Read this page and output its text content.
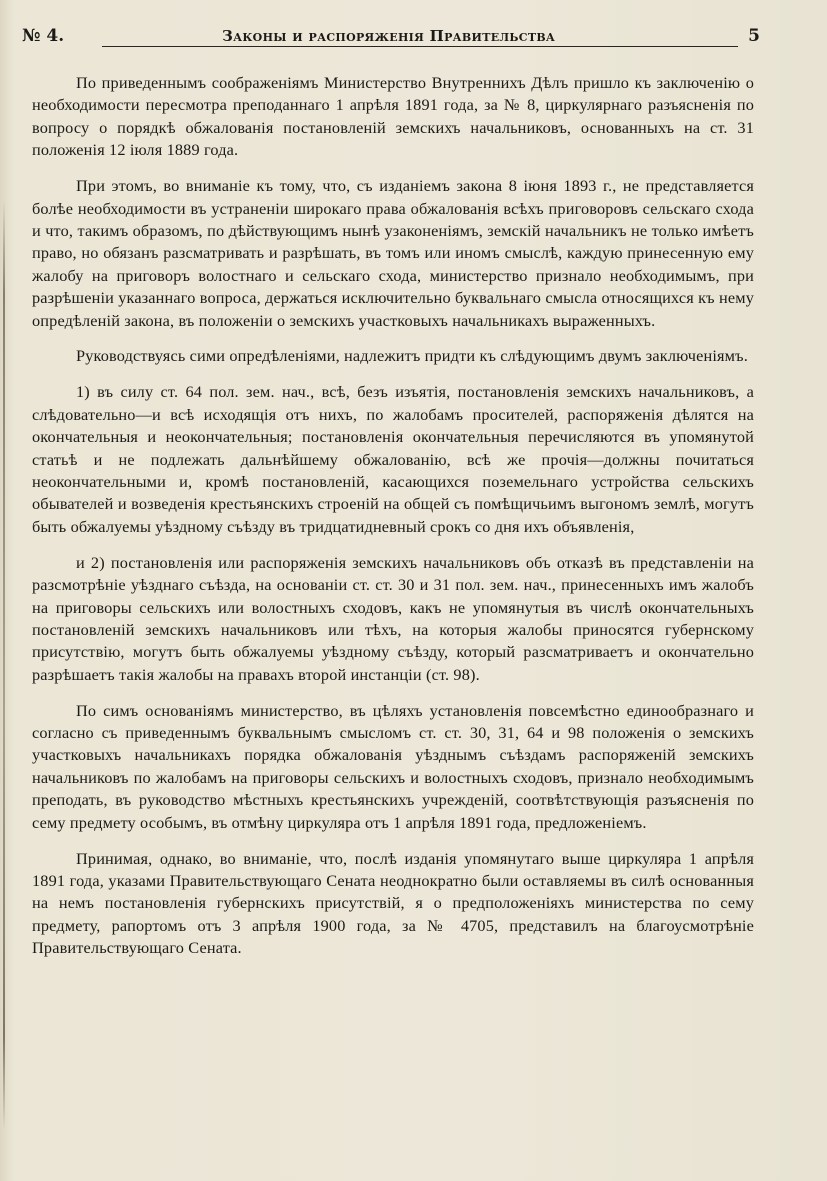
№ 4.	Законы и распоряженія Правительства	5

По приведеннымъ соображеніямъ Министерство Внутреннихъ Дѣлъ пришло къ заключенію о необходимости пересмотра преподаннаго 1 апрѣля 1891 года, за № 8, циркулярнаго разъясненія по вопросу о порядкѣ обжалованія постановленій земскихъ начальниковъ, основанныхъ на ст. 31 положенія 12 іюля 1889 года.

При этомъ, во вниманіе къ тому, что, съ изданіемъ закона 8 іюня 1893 г., не представляется болѣе необходимости въ устраненіи широкаго права обжалованія всѣхъ приговоровъ сельскаго схода и что, такимъ образомъ, по дѣйствующимъ нынѣ узаконеніямъ, земскій начальникъ не только имѣетъ право, но обязанъ разсматривать и разрѣшать, въ томъ или иномъ смыслѣ, каждую принесенную ему жалобу на приговоръ волостнаго и сельскаго схода, министерство признало необходимымъ, при разрѣшеніи указаннаго вопроса, держаться исключительно буквальнаго смысла относящихся къ нему опредѣленій закона, въ положеніи о земскихъ участковыхъ начальникахъ выраженныхъ.

Руководствуясь сими опредѣленіями, надлежитъ придти къ слѣдующимъ двумъ заключеніямъ.

1) въ силу ст. 64 пол. зем. нач., всѣ, безъ изъятія, постановленія земскихъ начальниковъ, а слѣдовательно—и всѣ исходящія отъ нихъ, по жалобамъ просителей, распоряженія дѣлятся на окончательныя и неокончательныя; постановленія окончательныя перечисляются въ упомянутой статьѣ и не подлежать дальнѣйшему обжалованію, всѣ же прочія—должны почитаться неокончательными и, кромѣ постановленій, касающихся поземельнаго устройства сельскихъ обывателей и возведенія крестьянскихъ строеній на общей съ помѣщичьимъ выгономъ землѣ, могутъ быть обжалуемы уѣздному съѣзду въ тридцатидневный срокъ со дня ихъ объявленія,

и 2) постановленія или распоряженія земскихъ начальниковъ объ отказѣ въ представленіи на разсмотрѣніе уѣзднаго съѣзда, на основаніи ст. ст. 30 и 31 пол. зем. нач., принесенныхъ имъ жалобъ на приговоры сельскихъ или волостныхъ сходовъ, какъ не упомянутыя въ числѣ окончательныхъ постановленій земскихъ начальниковъ или тѣхъ, на которыя жалобы приносятся губернскому присутствію, могутъ быть обжалуемы уѣздному съѣзду, который разсматриваетъ и окончательно разрѣшаетъ такія жалобы на правахъ второй инстанціи (ст. 98).

По симъ основаніямъ министерство, въ цѣляхъ установленія повсемѣстно единообразнаго и согласно съ приведеннымъ буквальнымъ смысломъ ст. ст. 30, 31, 64 и 98 положенія о земскихъ участковыхъ начальникахъ порядка обжалованія уѣзднымъ съѣздамъ распоряженій земскихъ начальниковъ по жалобамъ на приговоры сельскихъ и волостныхъ сходовъ, признало необходимымъ преподать, въ руководство мѣстныхъ крестьянскихъ учрежденій, соотвѣтствующія разъясненія по сему предмету особымъ, въ отмѣну циркуляра отъ 1 апрѣля 1891 года, предложеніемъ.

Принимая, однако, во вниманіе, что, послѣ изданія упомянутаго выше циркуляра 1 апрѣля 1891 года, указами Правительствующаго Сената неоднократно были оставляемы въ силѣ основанныя на немъ постановленія губернскихъ присутствій, я о предположеніяхъ министерства по сему предмету, рапортомъ отъ 3 апрѣля 1900 года, за № 4705, представилъ на благоусмотрѣніе Правительствующаго Сената.
